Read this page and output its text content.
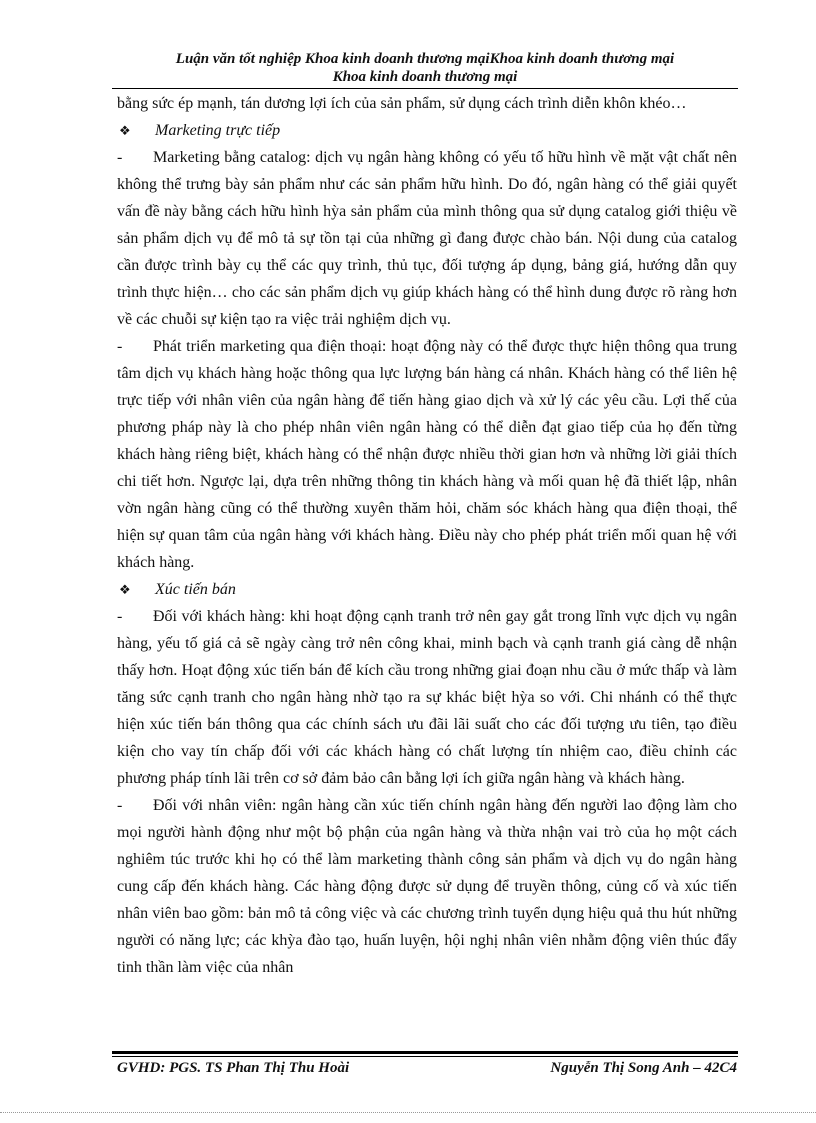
Luận văn tốt nghiệp Khoa kinh doanh thương mạiKhoa kinh doanh thương mại
Khoa kinh doanh thương mại

bằng sức ép mạnh, tán dương lợi ích của sản phẩm, sử dụng cách trình diễn khôn khéo…

❖	Marketing trực tiếp

- Marketing bằng catalog: dịch vụ ngân hàng không có yếu tố hữu hình về mặt vật chất nên không thể trưng bày sản phẩm như các sản phẩm hữu hình. Do đó, ngân hàng có thể giải quyết vấn đề này bằng cách hữu hình hỳa sản phẩm của mình thông qua sử dụng catalog giới thiệu về sản phẩm dịch vụ để mô tả sự tồn tại của những gì đang được chào bán. Nội dung của catalog cần được trình bày cụ thể các quy trình, thủ tục, đối tượng áp dụng, bảng giá, hướng dẫn quy trình thực hiện… cho các sản phẩm dịch vụ giúp khách hàng có thể hình dung được rõ ràng hơn về các chuỗi sự kiện tạo ra việc trải nghiệm dịch vụ.

- Phát triển marketing qua điện thoại: hoạt động này có thể được thực hiện thông qua trung tâm dịch vụ khách hàng hoặc thông qua lực lượng bán hàng cá nhân. Khách hàng có thể liên hệ trực tiếp với nhân viên của ngân hàng để tiến hàng giao dịch và xử lý các yêu cầu. Lợi thế của phương pháp này là cho phép nhân viên ngân hàng có thể diễn đạt giao tiếp của họ đến từng khách hàng riêng biệt, khách hàng có thể nhận được nhiều thời gian hơn và những lời giải thích chi tiết hơn. Ngược lại, dựa trên những thông tin khách hàng và mối quan hệ đã thiết lập, nhân vờn ngân hàng cũng có thể thường xuyên thăm hỏi, chăm sóc khách hàng qua điện thoại, thể hiện sự quan tâm của ngân hàng với khách hàng. Điều này cho phép phát triển mối quan hệ với khách hàng.

❖	Xúc tiến bán

- Đối với khách hàng: khi hoạt động cạnh tranh trở nên gay gắt trong lĩnh vực dịch vụ ngân hàng, yếu tố giá cả sẽ ngày càng trở nên công khai, minh bạch và cạnh tranh giá càng dễ nhận thấy hơn. Hoạt động xúc tiến bán để kích cầu trong những giai đoạn nhu cầu ở mức thấp và làm tăng sức cạnh tranh cho ngân hàng nhờ tạo ra sự khác biệt hỳa so với. Chi nhánh có thể thực hiện xúc tiến bán thông qua các chính sách ưu đãi lãi suất cho các đối tượng ưu tiên, tạo điều kiện cho vay tín chấp đối với các khách hàng có chất lượng tín nhiệm cao, điều chỉnh các phương pháp tính lãi trên cơ sở đảm bảo cân bằng lợi ích giữa ngân hàng và khách hàng.

- Đối với nhân viên: ngân hàng cần xúc tiến chính ngân hàng đến người lao động làm cho mọi người hành động như một bộ phận của ngân hàng và thừa nhận vai trò của họ một cách nghiêm túc trước khi họ có thể làm marketing thành công sản phẩm và dịch vụ do ngân hàng cung cấp đến khách hàng. Các hàng động được sử dụng để truyền thông, củng cố và xúc tiến nhân viên bao gồm: bản mô tả công việc và các chương trình tuyển dụng hiệu quả thu hút những người có năng lực; các khỳa đào tạo, huấn luyện, hội nghị nhân viên nhằm động viên thúc đẩy tinh thần làm việc của nhân

GVHD: PGS. TS Phan Thị Thu Hoài	Nguyễn Thị Song Anh – 42C4
